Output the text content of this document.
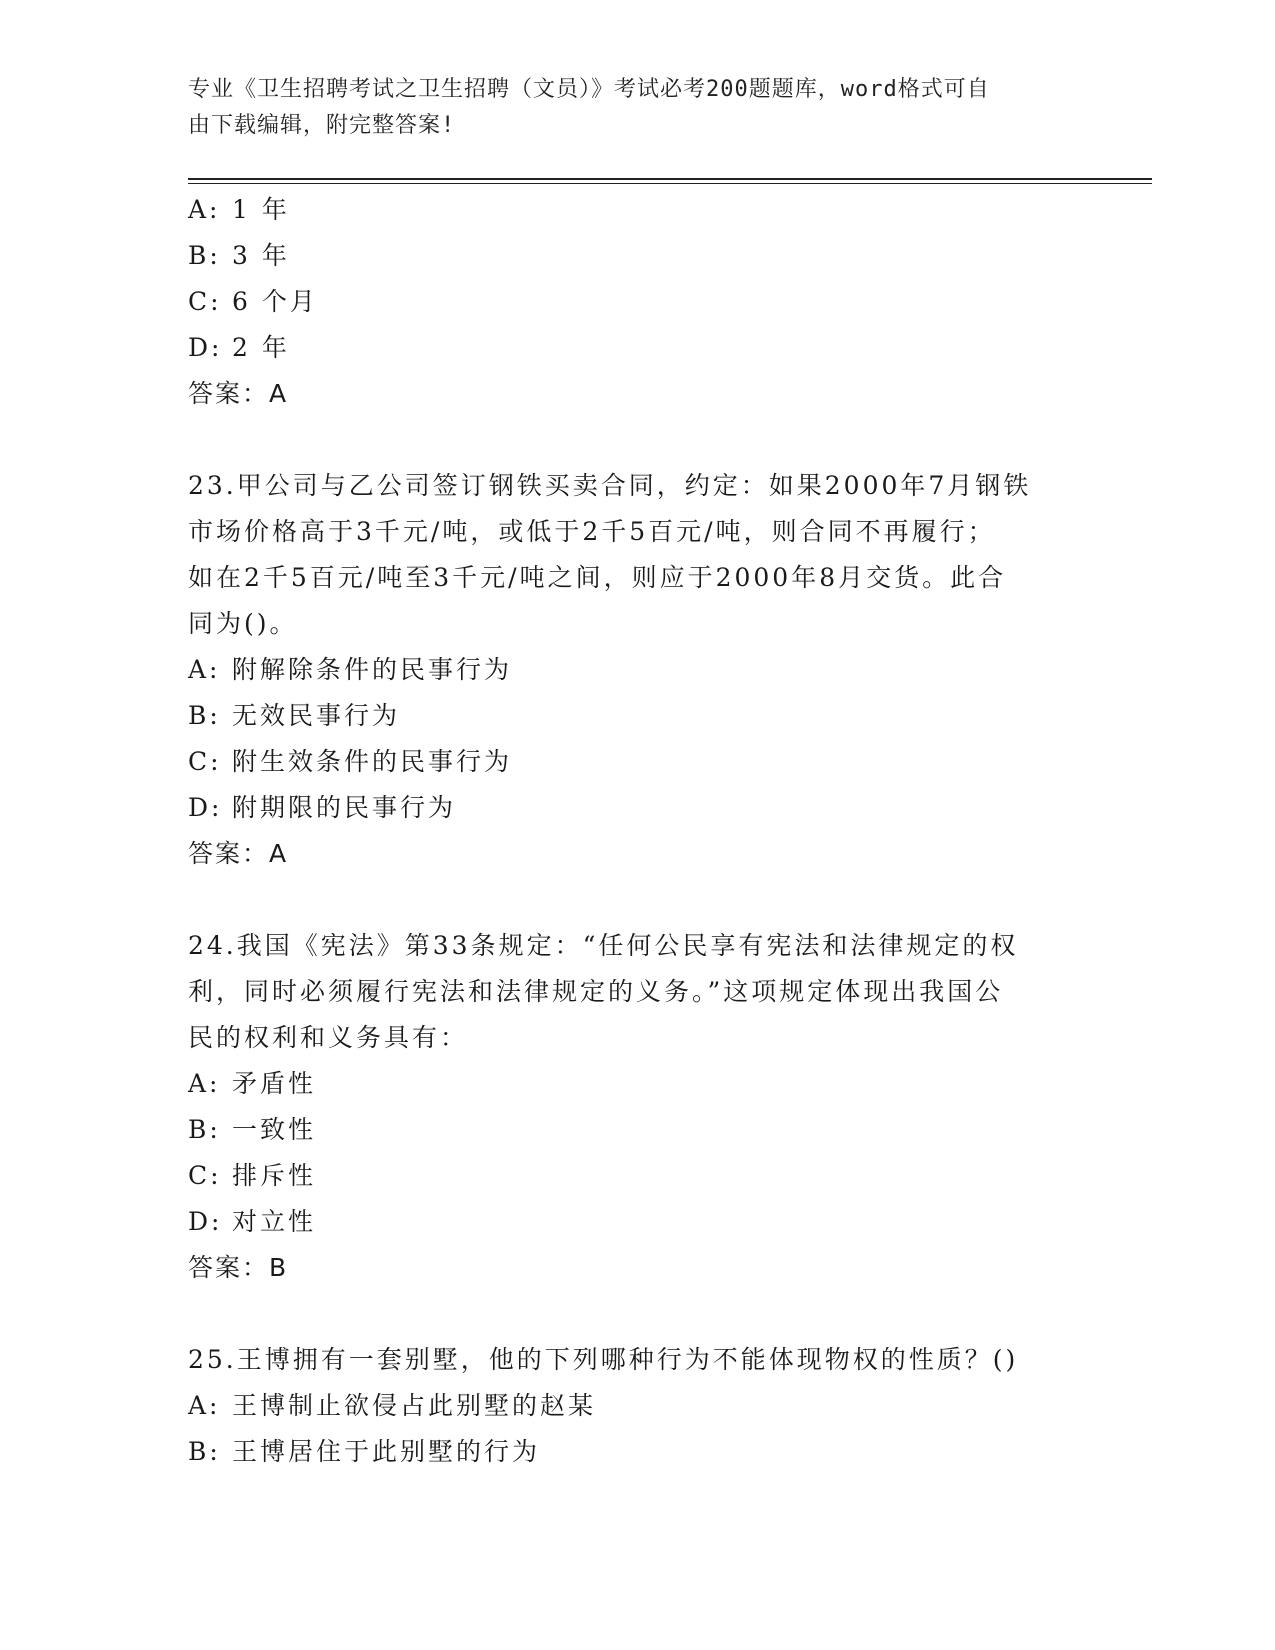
专业《卫生招聘考试之卫生招聘（文员）》考试必考200题题库，word格式可自
由下载编辑，附完整答案!
A: 1 年
B: 3 年
C: 6 个月
D: 2 年
答案：A
23.甲公司与乙公司签订钢铁买卖合同，约定：如果2000年7月钢铁
市场价格高于3千元/吨，或低于2千5百元/吨，则合同不再履行；
如在2千5百元/吨至3千元/吨之间，则应于2000年8月交货。此合
同为()。
A: 附解除条件的民事行为
B: 无效民事行为
C: 附生效条件的民事行为
D: 附期限的民事行为
答案：A
24.我国《宪法》第33条规定：“任何公民享有宪法和法律规定的权
利，同时必须履行宪法和法律规定的义务。”这项规定体现出我国公
民的权利和义务具有：
A: 矛盾性
B: 一致性
C: 排斥性
D: 对立性
答案：B
25.王博拥有一套别墅，他的下列哪种行为不能体现物权的性质？()
A: 王博制止欲侵占此别墅的赵某
B: 王博居住于此别墅的行为
